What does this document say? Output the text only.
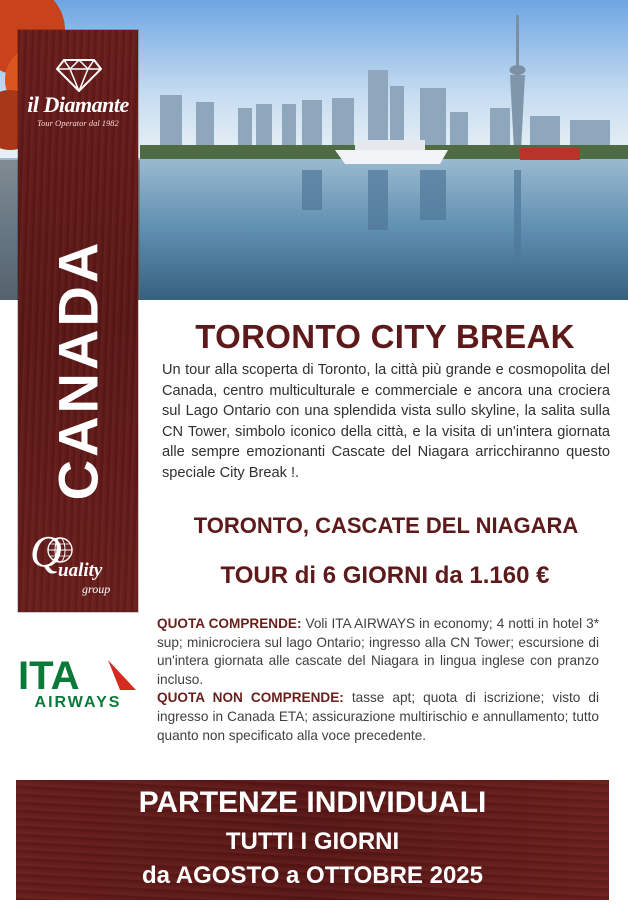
il Diamante
Tour Operator dal 1982
CANADA
Q
uality
group
TORONTO CITY BREAK
Un tour alla scoperta di Toronto, la città più grande e cosmopolita del Canada, centro multiculturale e commerciale e ancora una crociera sul Lago Ontario con una splendida vista sullo skyline, la salita sulla CN Tower, simbolo iconico della città, e la visita di un'intera giornata alle sempre emozionanti Cascate del Niagara arricchiranno questo speciale City Break !.
TORONTO, CASCATE DEL NIAGARA
TOUR di 6 GIORNI da 1.160 €
QUOTA COMPRENDE: Voli ITA AIRWAYS in economy; 4 notti in hotel 3* sup; minicrociera sul lago Ontario; ingresso alla CN Tower; escursione di un'intera giornata alle cascate del Niagara in lingua inglese con pranzo incluso.
QUOTA NON COMPRENDE: tasse apt; quota di iscrizione; visto di ingresso in Canada ETA; assicurazione multirischio e annullamento; tutto quanto non specificato alla voce precedente.
ITA
AIRWAYS
PARTENZE INDIVIDUALI
TUTTI I GIORNI
da AGOSTO a OTTOBRE 2025
